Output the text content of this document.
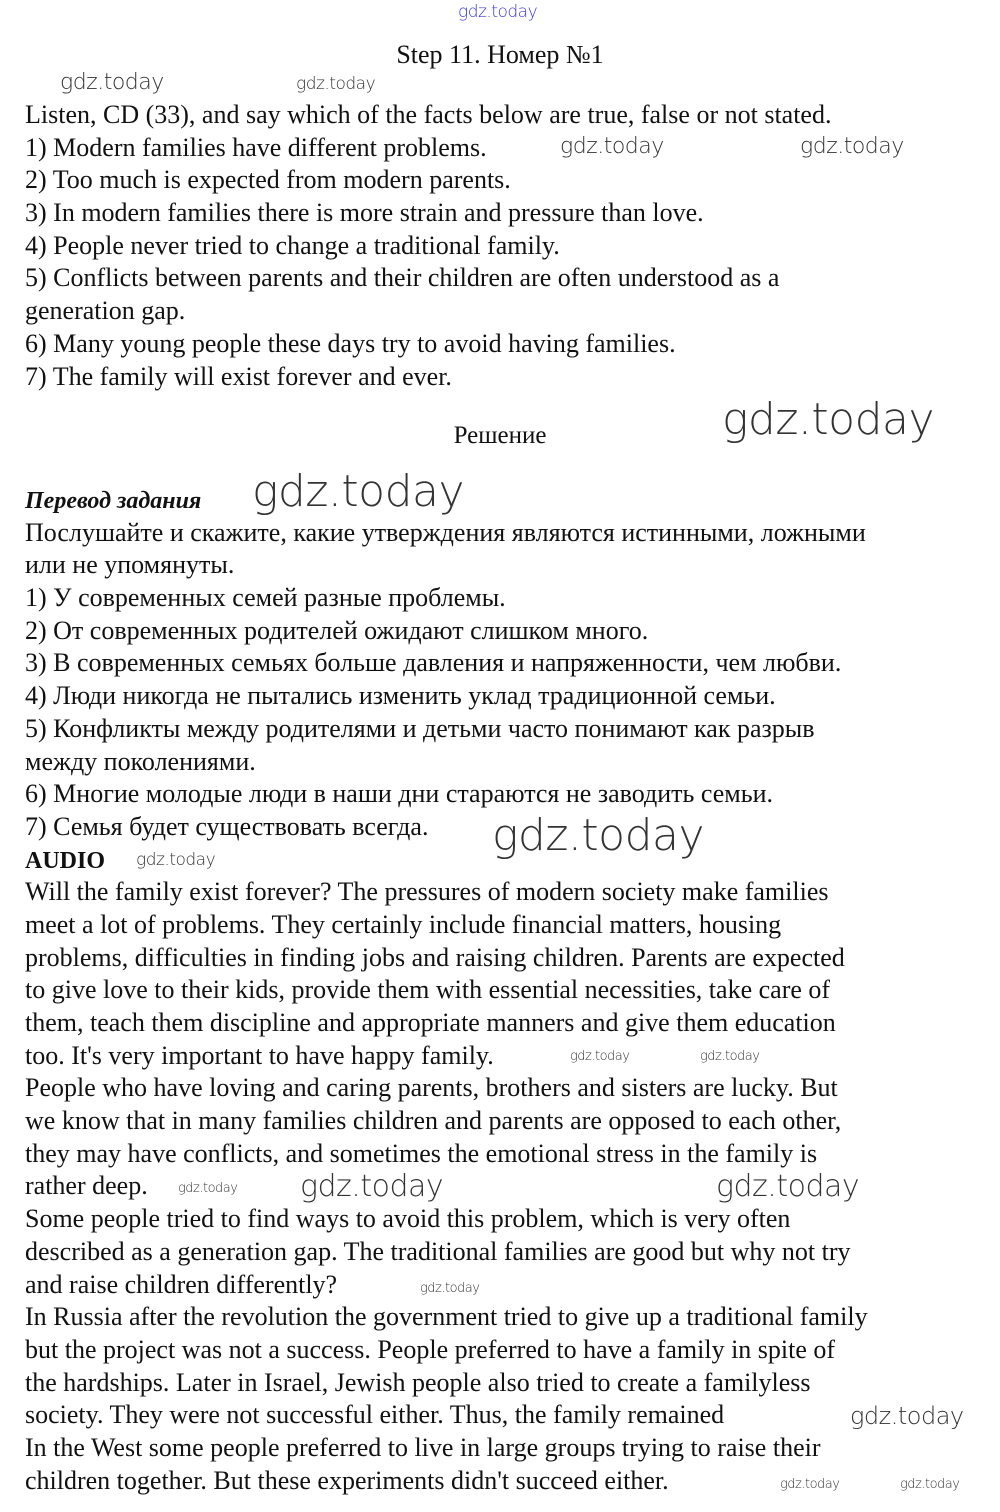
Step 11. Номер №1
Listen, CD (33), and say which of the facts below are true, false or not stated.
1) Modern families have different problems.
2) Too much is expected from modern parents.
3) In modern families there is more strain and pressure than love.
4) People never tried to change a traditional family.
5) Conflicts between parents and their children are often understood as a
generation gap.
6) Many young people these days try to avoid having families.
7) The family will exist forever and ever.
Решение
Перевод задания
Послушайте и скажите, какие утверждения являются истинными, ложными
или не упомянуты.
1) У современных семей разные проблемы.
2) От современных родителей ожидают слишком много.
3) В современных семьях больше давления и напряженности, чем любви.
4) Люди никогда не пытались изменить уклад традиционной семьи.
5) Конфликты между родителями и детьми часто понимают как разрыв
между поколениями.
6) Многие молодые люди в наши дни стараются не заводить семьи.
7) Семья будет существовать всегда.
AUDIO
Will the family exist forever? The pressures of modern society make families
meet a lot of problems. They certainly include financial matters, housing
problems, difficulties in finding jobs and raising children. Parents are expected
to give love to their kids, provide them with essential necessities, take care of
them, teach them discipline and appropriate manners and give them education
too. It's very important to have happy family.
People who have loving and caring parents, brothers and sisters are lucky. But
we know that in many families children and parents are opposed to each other,
they may have conflicts, and sometimes the emotional stress in the family is
rather deep.
Some people tried to find ways to avoid this problem, which is very often
described as a generation gap. The traditional families are good but why not try
and raise children differently?
In Russia after the revolution the government tried to give up a traditional family
but the project was not a success. People preferred to have a family in spite of
the hardships. Later in Israel, Jewish people also tried to create a familyless
society. They were not successful either. Thus, the family remained
In the West some people preferred to live in large groups trying to raise their
children together. But these experiments didn't succeed either.
gdz.today
gdz.today	gdz.today
gdz.today	gdz.today
gdz.today
gdz.today
gdz.today
gdz.today
gdz.today
gdz.today gdz.today	gdz.today
gdz.today
gdz.today
gdz.today
gdz.today
gdz.today
